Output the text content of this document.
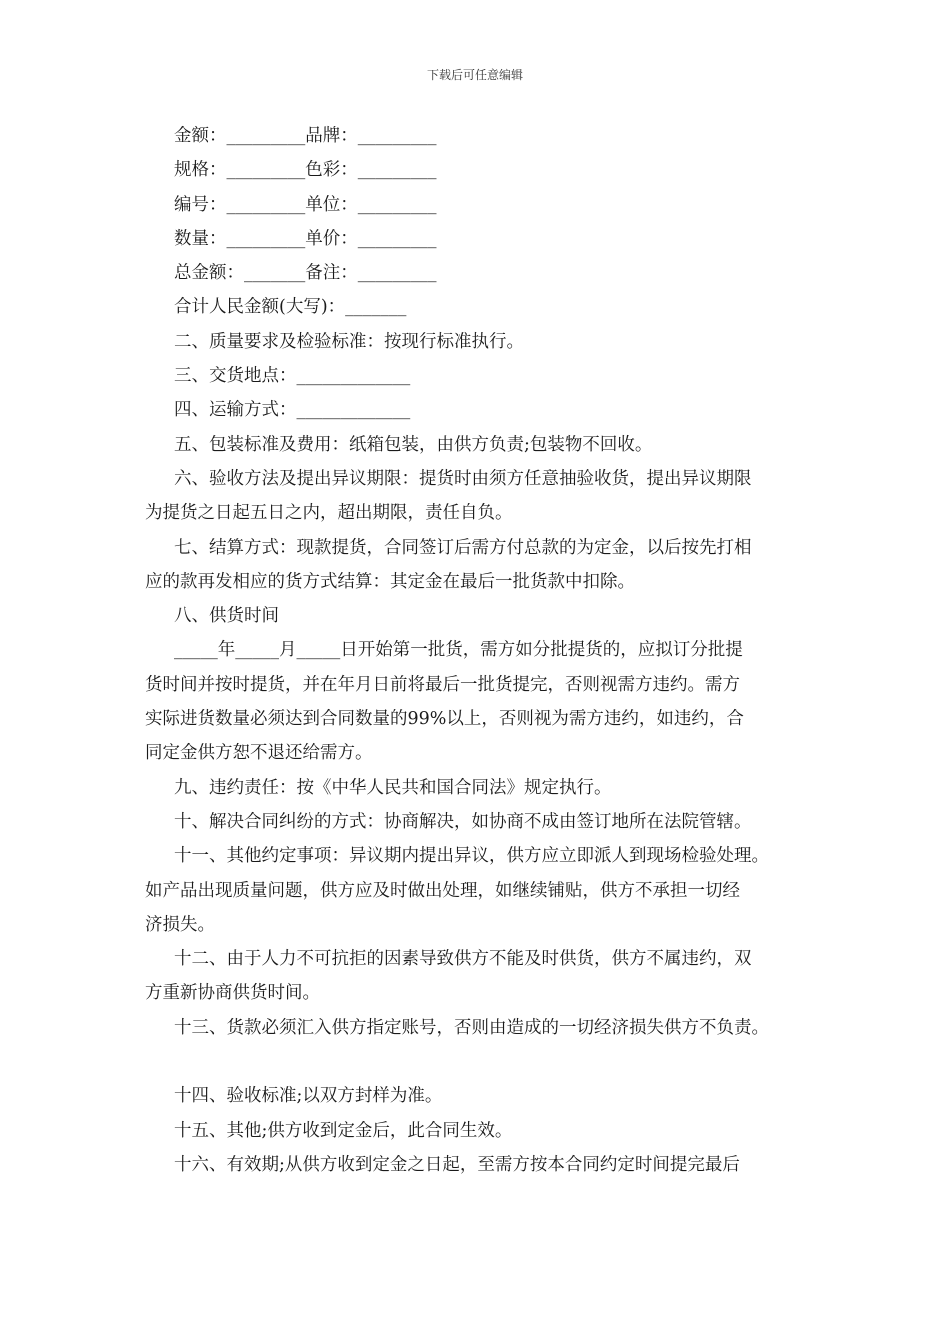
下载后可任意编辑
金额：_________品牌：_________
规格：_________色彩：_________
编号：_________单位：_________
数量：_________单价：_________
总金额：_______备注：_________
合计人民金额(大写)：_______
二、质量要求及检验标准：按现行标准执行。
三、交货地点：_____________
四、运输方式：_____________
五、包装标准及费用：纸箱包装，由供方负责;包装物不回收。
六、验收方法及提出异议期限：提货时由须方任意抽验收货，提出异议期限
为提货之日起五日之内，超出期限，责任自负。
七、结算方式：现款提货，合同签订后需方付总款的为定金，以后按先打相
应的款再发相应的货方式结算：其定金在最后一批货款中扣除。
八、供货时间
_____年_____月_____日开始第一批货，需方如分批提货的，应拟订分批提
货时间并按时提货，并在年月日前将最后一批货提完，否则视需方违约。需方
实际进货数量必须达到合同数量的99%以上，否则视为需方违约，如违约，合
同定金供方恕不退还给需方。
九、违约责任：按《中华人民共和国合同法》规定执行。
十、解决合同纠纷的方式：协商解决，如协商不成由签订地所在法院管辖。
十一、其他约定事项：异议期内提出异议，供方应立即派人到现场检验处理。
如产品出现质量问题，供方应及时做出处理，如继续铺贴，供方不承担一切经
济损失。
十二、由于人力不可抗拒的因素导致供方不能及时供货，供方不属违约，双
方重新协商供货时间。
十三、货款必须汇入供方指定账号，否则由造成的一切经济损失供方不负责。
十四、验收标准;以双方封样为准。
十五、其他;供方收到定金后，此合同生效。
十六、有效期;从供方收到定金之日起，至需方按本合同约定时间提完最后
